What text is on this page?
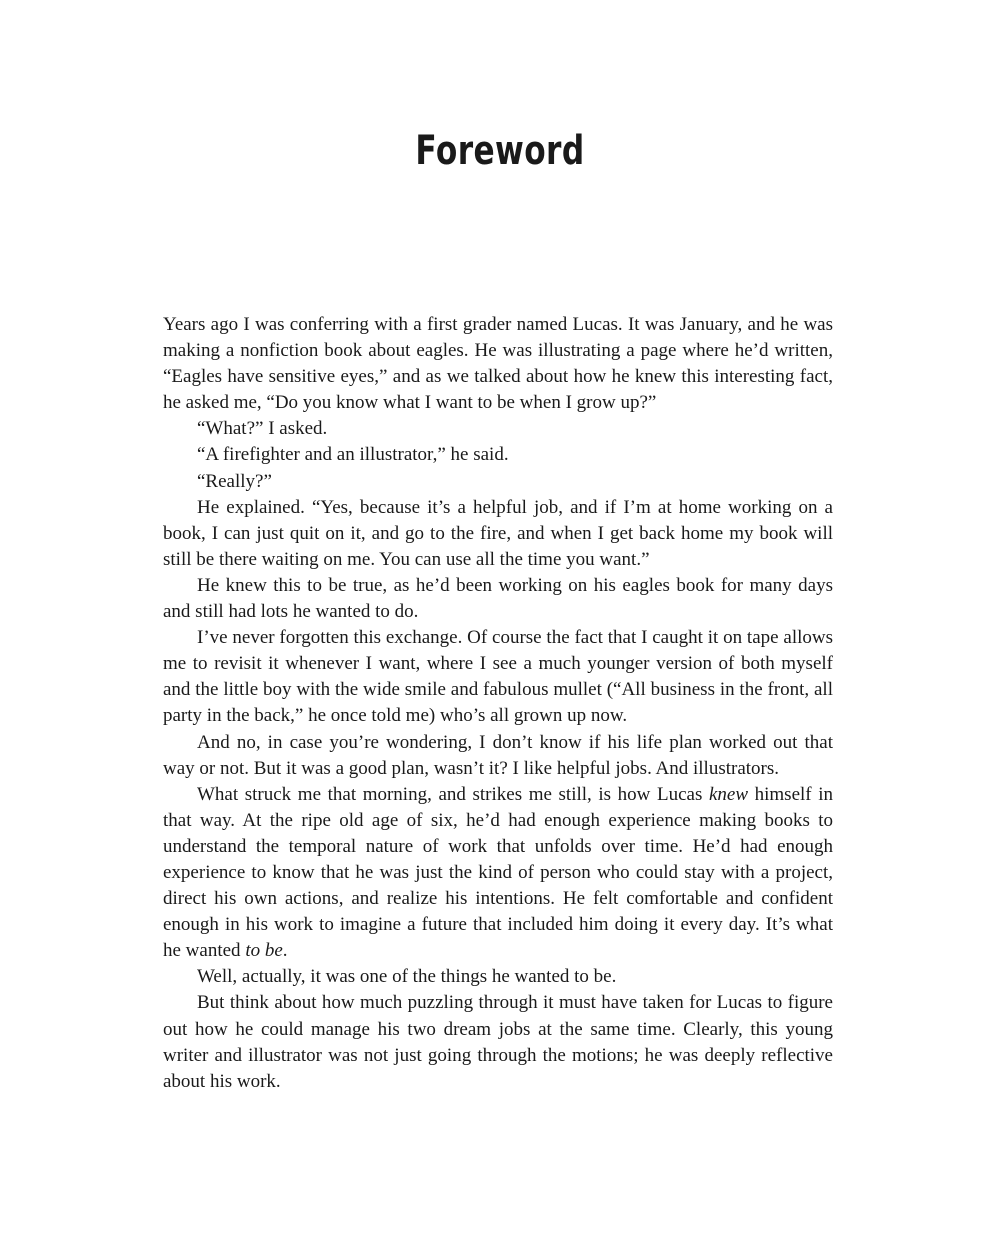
Foreword

Years ago I was conferring with a first grader named Lucas. It was January, and he was making a nonfiction book about eagles. He was illustrating a page where he’d written, “Eagles have sensitive eyes,” and as we talked about how he knew this interesting fact, he asked me, “Do you know what I want to be when I grow up?”

“What?” I asked.

“A firefighter and an illustrator,” he said.

“Really?”

He explained. “Yes, because it’s a helpful job, and if I’m at home working on a book, I can just quit on it, and go to the fire, and when I get back home my book will still be there waiting on me. You can use all the time you want.”

He knew this to be true, as he’d been working on his eagles book for many days and still had lots he wanted to do.

I’ve never forgotten this exchange. Of course the fact that I caught it on tape allows me to revisit it whenever I want, where I see a much younger version of both myself and the little boy with the wide smile and fabulous mullet (“All business in the front, all party in the back,” he once told me) who’s all grown up now.

And no, in case you’re wondering, I don’t know if his life plan worked out that way or not. But it was a good plan, wasn’t it? I like helpful jobs. And illustrators.

What struck me that morning, and strikes me still, is how Lucas knew himself in that way. At the ripe old age of six, he’d had enough experience making books to understand the temporal nature of work that unfolds over time. He’d had enough experience to know that he was just the kind of person who could stay with a project, direct his own actions, and realize his intentions. He felt comfortable and confident enough in his work to imagine a future that included him doing it every day. It’s what he wanted to be.

Well, actually, it was one of the things he wanted to be.

But think about how much puzzling through it must have taken for Lucas to figure out how he could manage his two dream jobs at the same time. Clearly, this young writer and illustrator was not just going through the motions; he was deeply reflective about his work.
